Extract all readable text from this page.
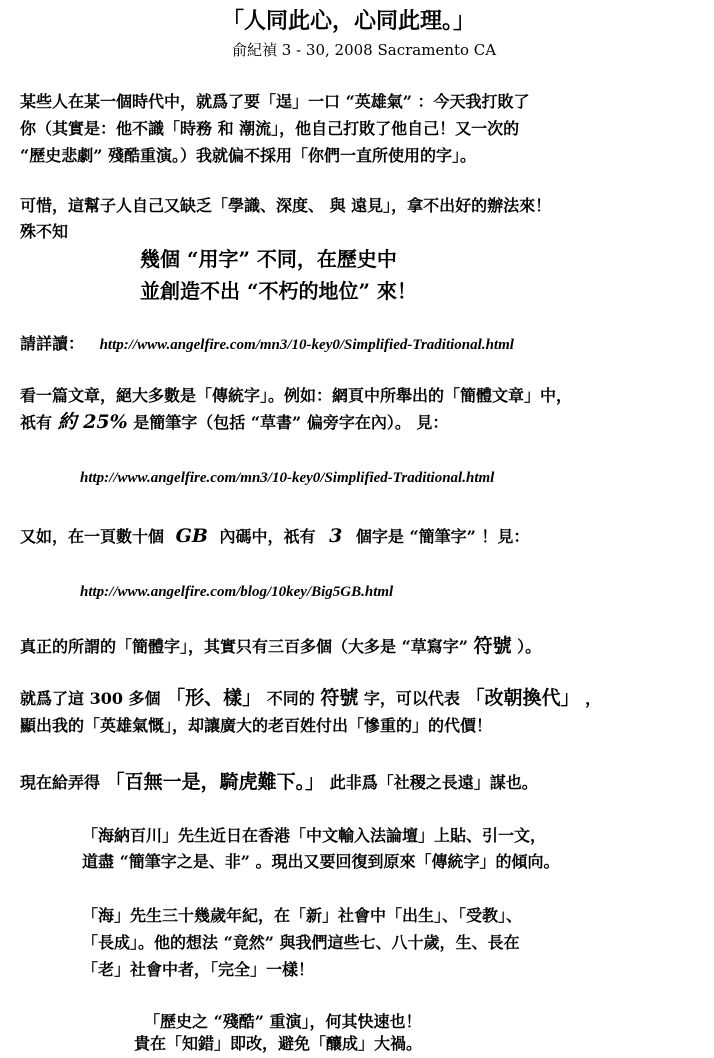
「人同此心，心同此理。」
俞紀禎 3 - 30, 2008 Sacramento CA
某些人在某一個時代中，就爲了要「逞」一口 “英雄氣” ：今天我打敗了
你（其實是：他不識「時務 和 潮流」，他自己打敗了他自己！又一次的
“歷史悲劇” 殘酷重演。）我就偏不採用「你們一直所使用的字」。
可惜，這幫子人自己又缺乏「學識、深度、 與 遠見」，拿不出好的辦法來！
殊不知
幾個 “用字” 不同，在歷史中
並創造不出 “不朽的地位” 來！
請詳讀： http://www.angelfire.com/mn3/10-key0/Simplified-Traditional.html
看一篇文章，絕大多數是「傳統字」。例如：網頁中所舉出的「簡體文章」中，
祇有 約 25% 是簡筆字（包括 “草書” 偏旁字在內）。 見：
http://www.angelfire.com/mn3/10-key0/Simplified-Traditional.html
又如，在一頁數十個 GB 內碼中，祇有 3 個字是 “簡筆字” ！見：
http://www.angelfire.com/blog/10key/Big5GB.html
真正的所謂的「簡體字」，其實只有三百多個（大多是 “草寫字” 符號 ）。
就爲了這 300 多個 「形、樣」 不同的 符號 字，可以代表 「改朝換代」 ，
顯出我的「英雄氣慨」，却讓廣大的老百姓付出「慘重的」的代價！
現在給弄得 「百無一是，騎虎難下。」 此非爲「社稷之長遠」謀也。
「海納百川」先生近日在香港「中文輸入法論壇」上貼、引一文，
道盡 “簡筆字之是、非” 。現出又要回復到原來「傳統字」的傾向。
「海」先生三十幾歲年紀，在「新」社會中「出生」、「受教」、
「長成」。他的想法 “竟然” 與我們這些七、八十歲，生、長在
「老」社會中者，「完全」一樣！
「歷史之 “殘酷” 重演」，何其快速也！
貴在「知錯」即改，避免「釀成」大禍。
